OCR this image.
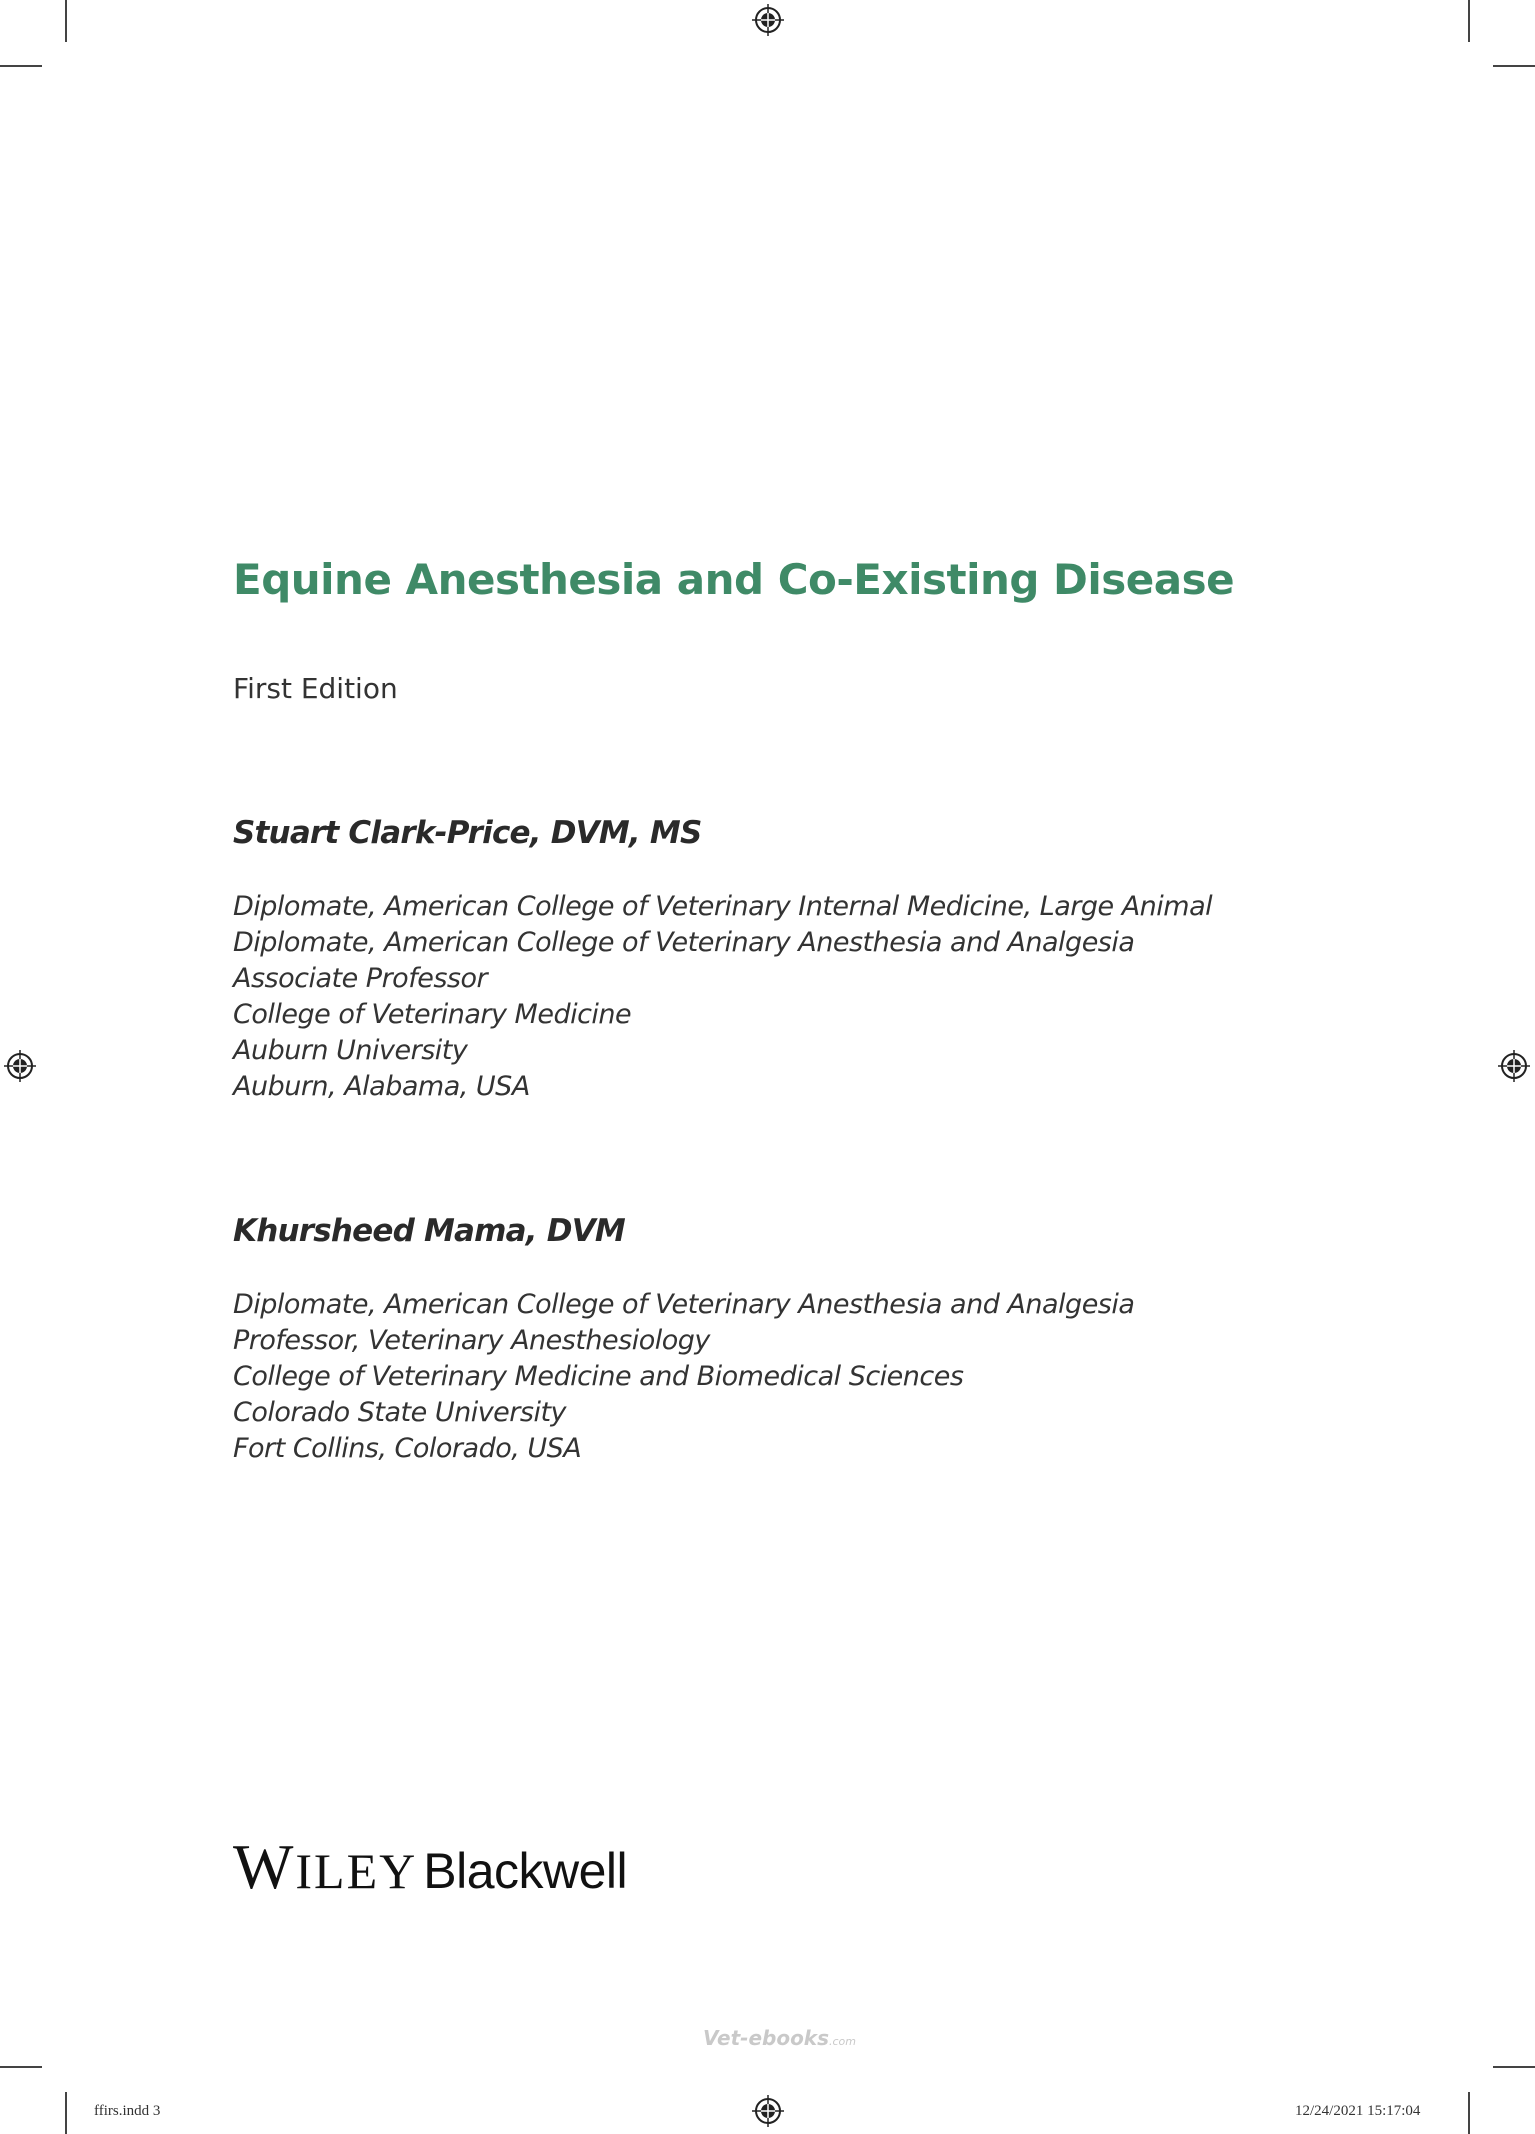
Equine Anesthesia and Co-Existing Disease
First Edition
Stuart Clark-Price, DVM, MS
Diplomate, American College of Veterinary Internal Medicine, Large Animal
Diplomate, American College of Veterinary Anesthesia and Analgesia
Associate Professor
College of Veterinary Medicine
Auburn University
Auburn, Alabama, USA
Khursheed Mama, DVM
Diplomate, American College of Veterinary Anesthesia and Analgesia
Professor, Veterinary Anesthesiology
College of Veterinary Medicine and Biomedical Sciences
Colorado State University
Fort Collins, Colorado, USA
WILEY Blackwell
Vet-ebooks.com
ffirs.indd 3	12/24/2021 15:17:04
